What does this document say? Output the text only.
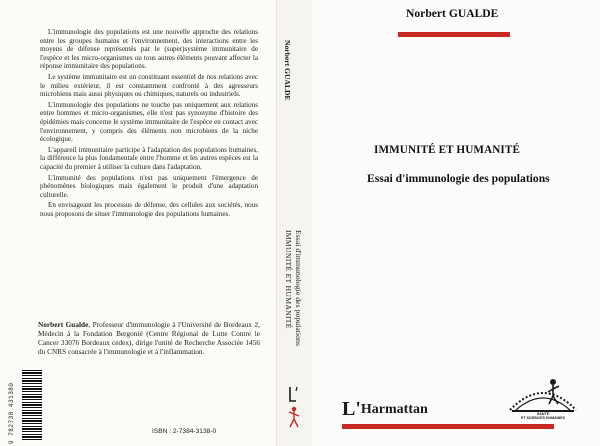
L'immunologie des populations est une nouvelle approche des relations entre les groupes humains et l'environnement, des interactions entre les moyens de défense représentés par le (super)système immunitaire de l'espèce et les micro-organismes ou tous autres éléments pouvant affecter la réponse immunitaire des populations.

Le système immunitaire est un constituant essentiel de nos relations avec le milieu extérieur, il est constamment confronté à des agresseurs microbiens mais aussi physiques ou chimiques, naturels ou industriels.

L'immunologie des populations ne touche pas uniquement aux relations entre hommes et micro-organismes, elle n'est pas synonyme d'histoire des épidémies mais concerne le système immunitaire de l'espèce en contact avec l'environnement, y compris des éléments non microbiens de la niche écologique.

L'appareil immunitaire participe à l'adaptation des populations humaines, la différence la plus fondamentale entre l'homme et les autres espèces est la capacité du premier à utiliser la culture dans l'adaptation.

L'immunité des populations n'est pas uniquement l'émergence de phénomènes biologiques mais également le produit d'une adaptation culturelle.

En envisageant les processus de défense, des cellules aux sociétés, nous nous proposons de situer l'immunologie des populations humaines.

Norbert Gualde, Professeur d'immunologie à l'Université de Bordeaux 2, Médecin à la Fondation Bergonié (Centre Régional de Lutte Contre le Cancer 33076 Bordeaux cedex), dirige l'unité de Recherche Associée 1456 du CNRS consacrée à l'immunologie et à l'inflammation.
9 782738 431380	ISBN : 2-7384-3138-0
Norbert GUALDE
IMMUNITÉ ET HUMANITÉ Essai d'immunologie des populations
Norbert GUALDE
IMMUNITÉ ET HUMANITÉ
Essai d'immunologie des populations
L'Harmattan	SANTÉ
ET SCIENCES HUMAINES
